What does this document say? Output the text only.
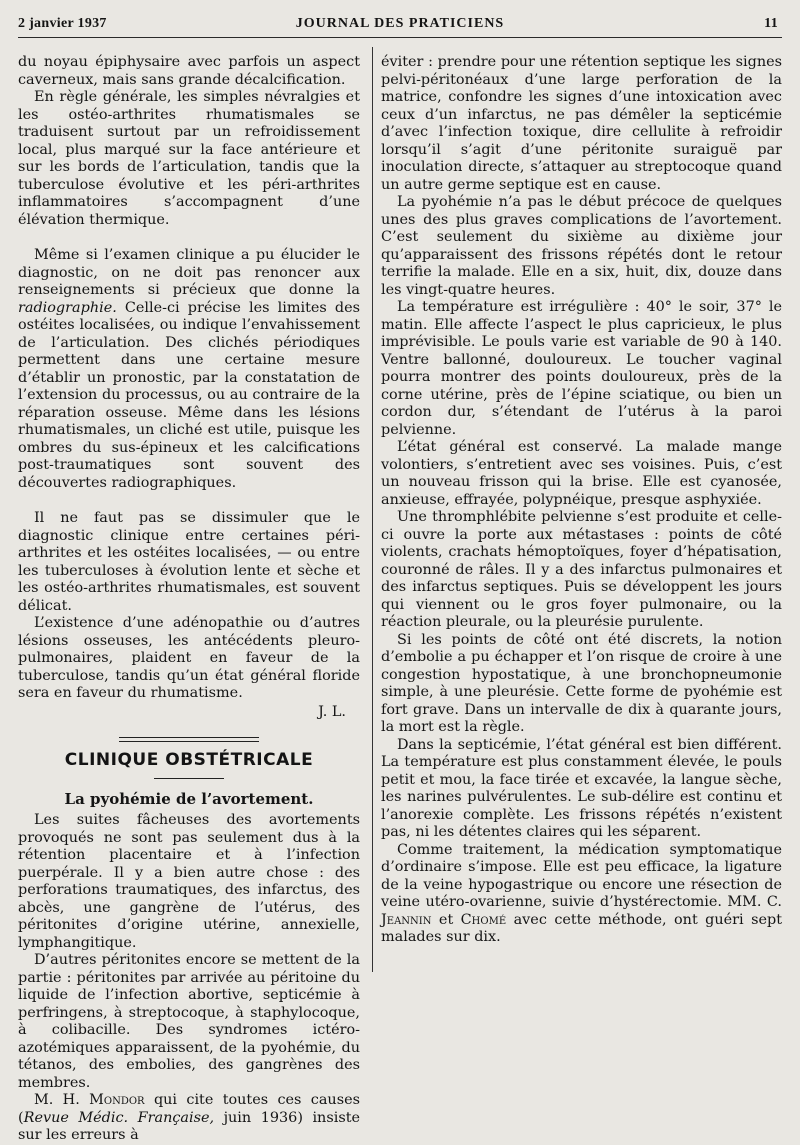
2 janvier 1937	JOURNAL DES PRATICIENS	11

du noyau épiphysaire avec parfois un aspect caverneux, mais sans grande décalcification.

En règle générale, les simples névralgies et les ostéo-arthrites rhumatismales se traduisent surtout par un refroidissement local, plus marqué sur la face antérieure et sur les bords de l’articulation, tandis que la tuberculose évolutive et les péri-arthrites inflammatoires s’accompagnent d’une élévation thermique.

Même si l’examen clinique a pu élucider le diagnostic, on ne doit pas renoncer aux renseignements si précieux que donne la radiographie. Celle-ci précise les limites des ostéites localisées, ou indique l’envahissement de l’articulation. Des clichés périodiques permettent dans une certaine mesure d’établir un pronostic, par la constatation de l’extension du processus, ou au contraire de la réparation osseuse. Même dans les lésions rhumatismales, un cliché est utile, puisque les ombres du sus-épineux et les calcifications post-traumatiques sont souvent des découvertes radiographiques.

Il ne faut pas se dissimuler que le diagnostic clinique entre certaines péri-arthrites et les ostéites localisées, — ou entre les tuberculoses à évolution lente et sèche et les ostéo-arthrites rhumatismales, est souvent délicat.

L’existence d’une adénopathie ou d’autres lésions osseuses, les antécédents pleuro-pulmonaires, plaident en faveur de la tuberculose, tandis qu’un état général floride sera en faveur du rhumatisme.

J. L.
CLINIQUE OBSTÉTRICALE
La pyohémie de l’avortement.

Les suites fâcheuses des avortements provoqués ne sont pas seulement dus à la rétention placentaire et à l’infection puerpérale. Il y a bien autre chose : des perforations traumatiques, des infarctus, des abcès, une gangrène de l’utérus, des péritonites d’origine utérine, annexielle, lymphangitique.

D’autres péritonites encore se mettent de la partie : péritonites par arrivée au péritoine du liquide de l’infection abortive, septicémie à perfringens, à streptocoque, à staphylocoque, à colibacille. Des syndromes ictéro-azotémiques apparaissent, de la pyohémie, du tétanos, des embolies, des gangrènes des membres.

M. H. Mondor qui cite toutes ces causes (Revue Médic. Française, juin 1936) insiste sur les erreurs à

éviter : prendre pour une rétention septique les signes pelvi-péritonéaux d’une large perforation de la matrice, confondre les signes d’une intoxication avec ceux d’un infarctus, ne pas démêler la septicémie d’avec l’infection toxique, dire cellulite à refroidir lorsqu’il s’agit d’une péritonite suraiguë par inoculation directe, s’attaquer au streptocoque quand un autre germe septique est en cause.

La pyohémie n’a pas le début précoce de quelques unes des plus graves complications de l’avortement. C’est seulement du sixième au dixième jour qu’apparaissent des frissons répétés dont le retour terrifie la malade. Elle en a six, huit, dix, douze dans les vingt-quatre heures.

La température est irrégulière : 40° le soir, 37° le matin. Elle affecte l’aspect le plus capricieux, le plus imprévisible. Le pouls varie est variable de 90 à 140. Ventre ballonné, douloureux. Le toucher vaginal pourra montrer des points douloureux, près de la corne utérine, près de l’épine sciatique, ou bien un cordon dur, s’étendant de l’utérus à la paroi pelvienne.

L’état général est conservé. La malade mange volontiers, s’entretient avec ses voisines. Puis, c’est un nouveau frisson qui la brise. Elle est cyanosée, anxieuse, effrayée, polypnéique, presque asphyxiée.

Une thromphlébite pelvienne s’est produite et celle-ci ouvre la porte aux métastases : points de côté violents, crachats hémoptoïques, foyer d’hépatisation, couronné de râles. Il y a des infarctus pulmonaires et des infarctus septiques. Puis se développent les jours qui viennent ou le gros foyer pulmonaire, ou la réaction pleurale, ou la pleurésie purulente.

Si les points de côté ont été discrets, la notion d’embolie a pu échapper et l’on risque de croire à une congestion hypostatique, à une bronchopneumonie simple, à une pleurésie. Cette forme de pyohémie est fort grave. Dans un intervalle de dix à quarante jours, la mort est la règle.

Dans la septicémie, l’état général est bien différent. La température est plus constamment élevée, le pouls petit et mou, la face tirée et excavée, la langue sèche, les narines pulvérulentes. Le sub-délire est continu et l’anorexie complète. Les frissons répétés n’existent pas, ni les détentes claires qui les séparent.

Comme traitement, la médication symptomatique d’ordinaire s’impose. Elle est peu efficace, la ligature de la veine hypogastrique ou encore une résection de veine utéro-ovarienne, suivie d’hystérectomie. MM. C. Jeannin et Chomé avec cette méthode, ont guéri sept malades sur dix.
